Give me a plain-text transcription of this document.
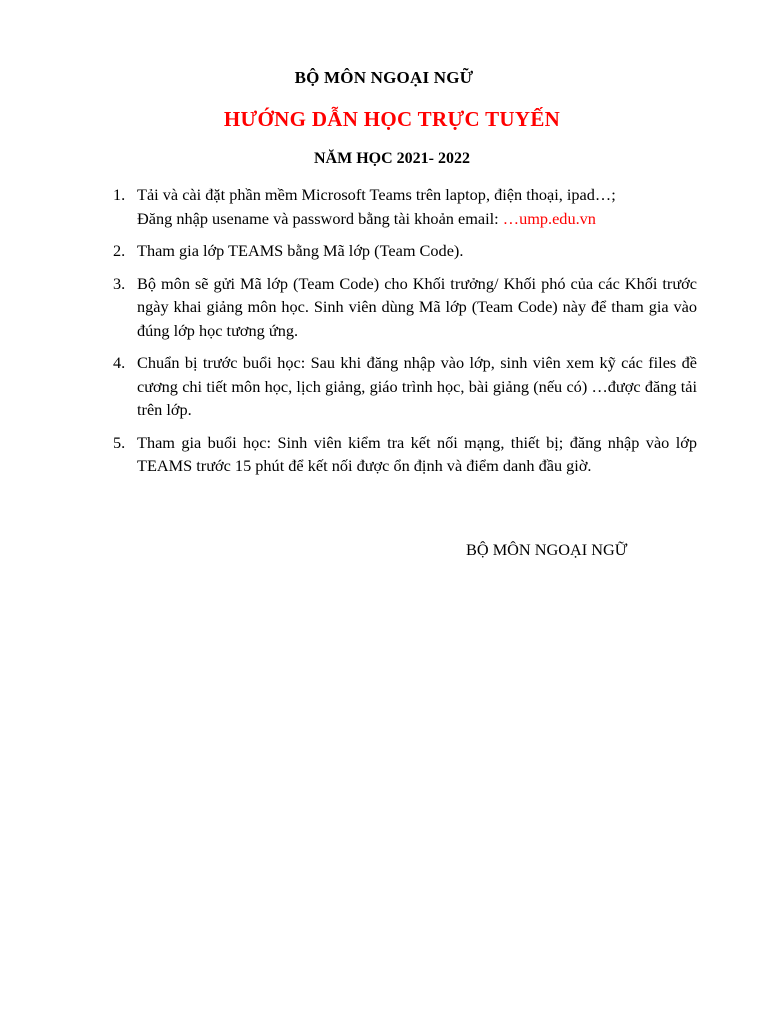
BỘ MÔN NGOẠI NGỮ
HƯỚNG DẪN HỌC TRỰC TUYẾN
NĂM HỌC 2021- 2022
1. Tải và cài đặt phần mềm Microsoft Teams trên laptop, điện thoại, ipad…;
Đăng nhập usename và password bằng tài khoản email: …ump.edu.vn
2. Tham gia lớp TEAMS bằng Mã lớp (Team Code).
3. Bộ môn sẽ gửi Mã lớp (Team Code) cho Khối trưởng/ Khối phó của các Khối trước ngày khai giảng môn học. Sinh viên dùng Mã lớp (Team Code) này để tham gia vào đúng lớp học tương ứng.
4. Chuẩn bị trước buổi học: Sau khi đăng nhập vào lớp, sinh viên xem kỹ các files đề cương chi tiết môn học, lịch giảng, giáo trình học, bài giảng (nếu có) …được đăng tải trên lớp.
5. Tham gia buổi học: Sinh viên kiểm tra kết nối mạng, thiết bị; đăng nhập vào lớp TEAMS trước 15 phút để kết nối được ổn định và điểm danh đầu giờ.
BỘ MÔN NGOẠI NGỮ
